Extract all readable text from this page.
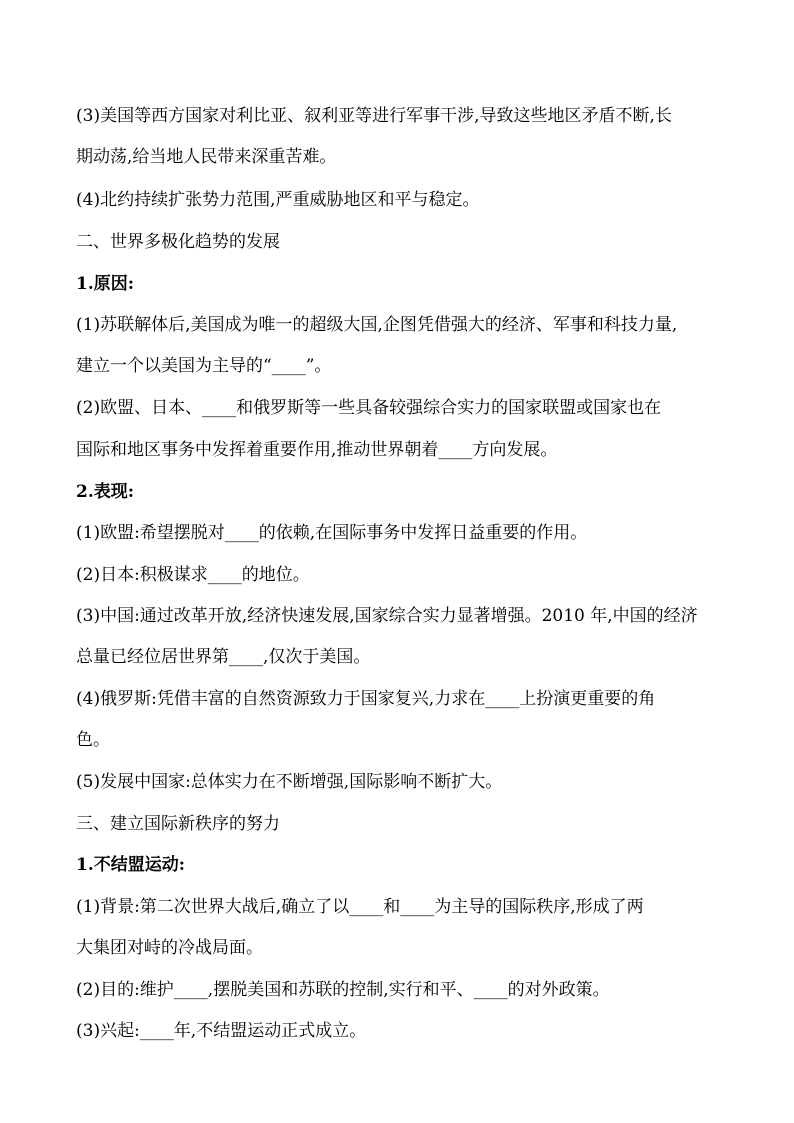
(3)美国等西方国家对利比亚、叙利亚等进行军事干涉,导致这些地区矛盾不断,长
期动荡,给当地人民带来深重苦难。
(4)北约持续扩张势力范围,严重威胁地区和平与稳定。
二、世界多极化趋势的发展
1.原因:
(1)苏联解体后,美国成为唯一的超级大国,企图凭借强大的经济、军事和科技力量,
建立一个以美国为主导的“____”。
(2)欧盟、日本、____和俄罗斯等一些具备较强综合实力的国家联盟或国家也在
国际和地区事务中发挥着重要作用,推动世界朝着____方向发展。
2.表现:
(1)欧盟:希望摆脱对____的依赖,在国际事务中发挥日益重要的作用。
(2)日本:积极谋求____的地位。
(3)中国:通过改革开放,经济快速发展,国家综合实力显著增强。2010 年,中国的经济
总量已经位居世界第____,仅次于美国。
(4)俄罗斯:凭借丰富的自然资源致力于国家复兴,力求在____上扮演更重要的角
色。
(5)发展中国家:总体实力在不断增强,国际影响不断扩大。
三、建立国际新秩序的努力
1.不结盟运动:
(1)背景:第二次世界大战后,确立了以____和____为主导的国际秩序,形成了两
大集团对峙的冷战局面。
(2)目的:维护____,摆脱美国和苏联的控制,实行和平、____的对外政策。
(3)兴起:____年,不结盟运动正式成立。
